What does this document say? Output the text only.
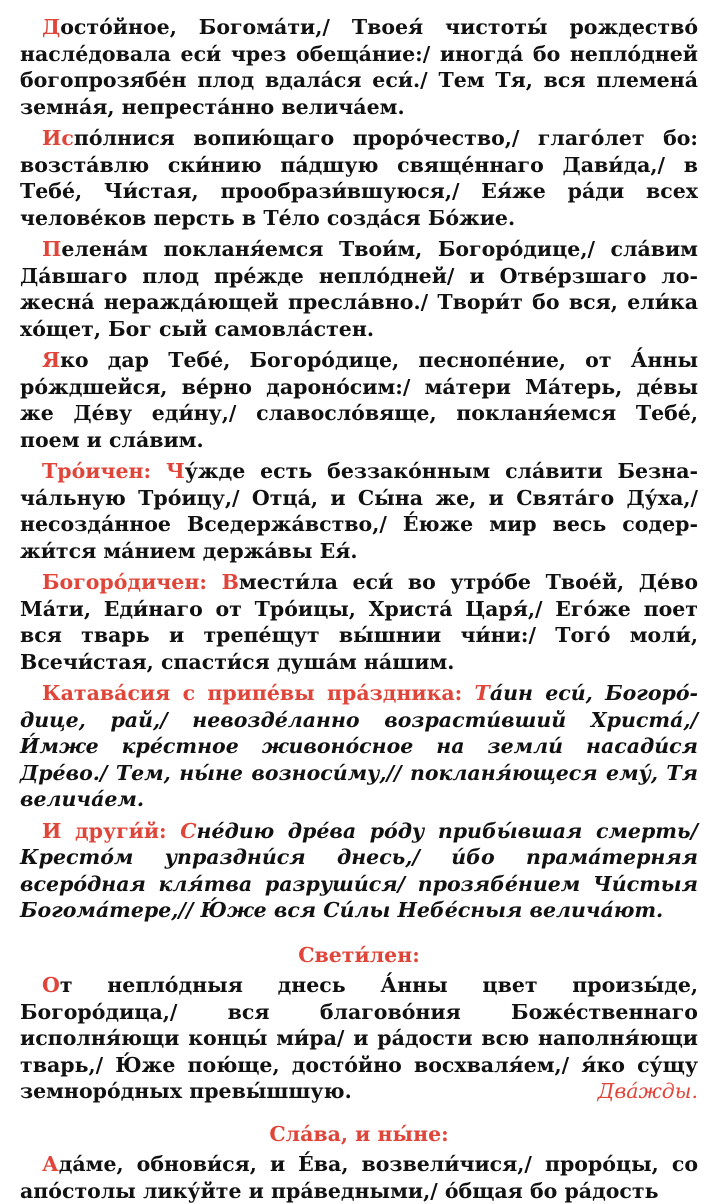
Досто́йное, Богома́ти,/ Твоея́ чистоты́ рождество́ насле́довала еси́ чрез обеща́ние:/ иногда́ бо непло́дней богопрозябе́н плод вдала́ся еси́./ Тем Тя, вся племена́ земна́я, непреста́нно велича́ем.

Испо́лнися вопию́щаго проро́чество,/ глаго́лет бо: возста́влю ски́нию па́дшую свяще́ннаго Дави́да,/ в Тебе́, Чи́стая, прообрази́вшуюся,/ Ея́же ра́ди всех челове́ков персть в Те́ло созда́ся Бо́жие.

Пелена́м покланя́емся Твои́м, Богоро́дице,/ сла́вим Да́вшаго плод пре́жде непло́дней/ и Отве́рзшаго ложесна́ неражда́ющей пресла́вно./ Твори́т бо вся, ели́ка хо́щет, Бог сый самовла́стен.

Яко дар Тебе́, Богоро́дице, песнопе́ние, от А́нны ро́ждшейся, ве́рно дароно́сим:/ ма́тери Ма́терь, де́вы же Де́ву еди́ну,/ славосло́вяще, покланя́емся Тебе́, поем и сла́вим.

Тро́ичен: Чу́жде есть беззако́нным сла́вити Безнача́льную Тро́ицу,/ Отца́, и Сы́на же, и Свята́го Ду́ха,/ несозда́нное Вседержа́вство,/ Е́юже мир весь содержи́тся ма́нием держа́вы Ея́.

Богоро́дичен: Вмести́ла еси́ во утро́бе Твое́й, Де́во Ма́ти, Еди́наго от Тро́ицы, Христа́ Царя́,/ Его́же поет вся тварь и трепе́щут вы́шнии чи́ни:/ Того́ моли́, Всечи́стая, спасти́ся душа́м на́шим.

Катава́сия с припе́вы пра́здника: Та́ин еси́, Богоро́дице, рай,/ невозде́ланно возрасти́вший Христа́,/ И́мже кре́стное живоно́сное на земли́ насади́ся Дре́во./ Тем, ны́не возноси́му,// покланя́ющеся ему́, Тя велича́ем.

И други́й: Сне́дию дре́ва ро́ду прибы́вшая смерть/ Кресто́м упраздни́ся днесь,/ и́бо прама́терняя всеро́дная кля́тва разруши́ся/ прозябе́нием Чи́стыя Богома́тере,// Ю́же вся Си́лы Небе́сныя велича́ют.

Свети́лен:

От непло́дныя днесь А́нны цвет произы́де, Богоро́дица,/ вся благово́ния Боже́ственнаго исполня́ющи концы́ ми́ра/ и ра́дости всю наполня́ющи тварь,/ Ю́же пою́ще, досто́йно восхваля́ем,/ я́ко су́щу земноро́дных превы́шшую.	Два́жды.

Сла́ва, и ны́не:

Ада́ме, обнови́ся, и Е́ва, возвели́чися,/ проро́цы, со апо́столы лику́йте и пра́ведными,/ о́бщая бо ра́дость
